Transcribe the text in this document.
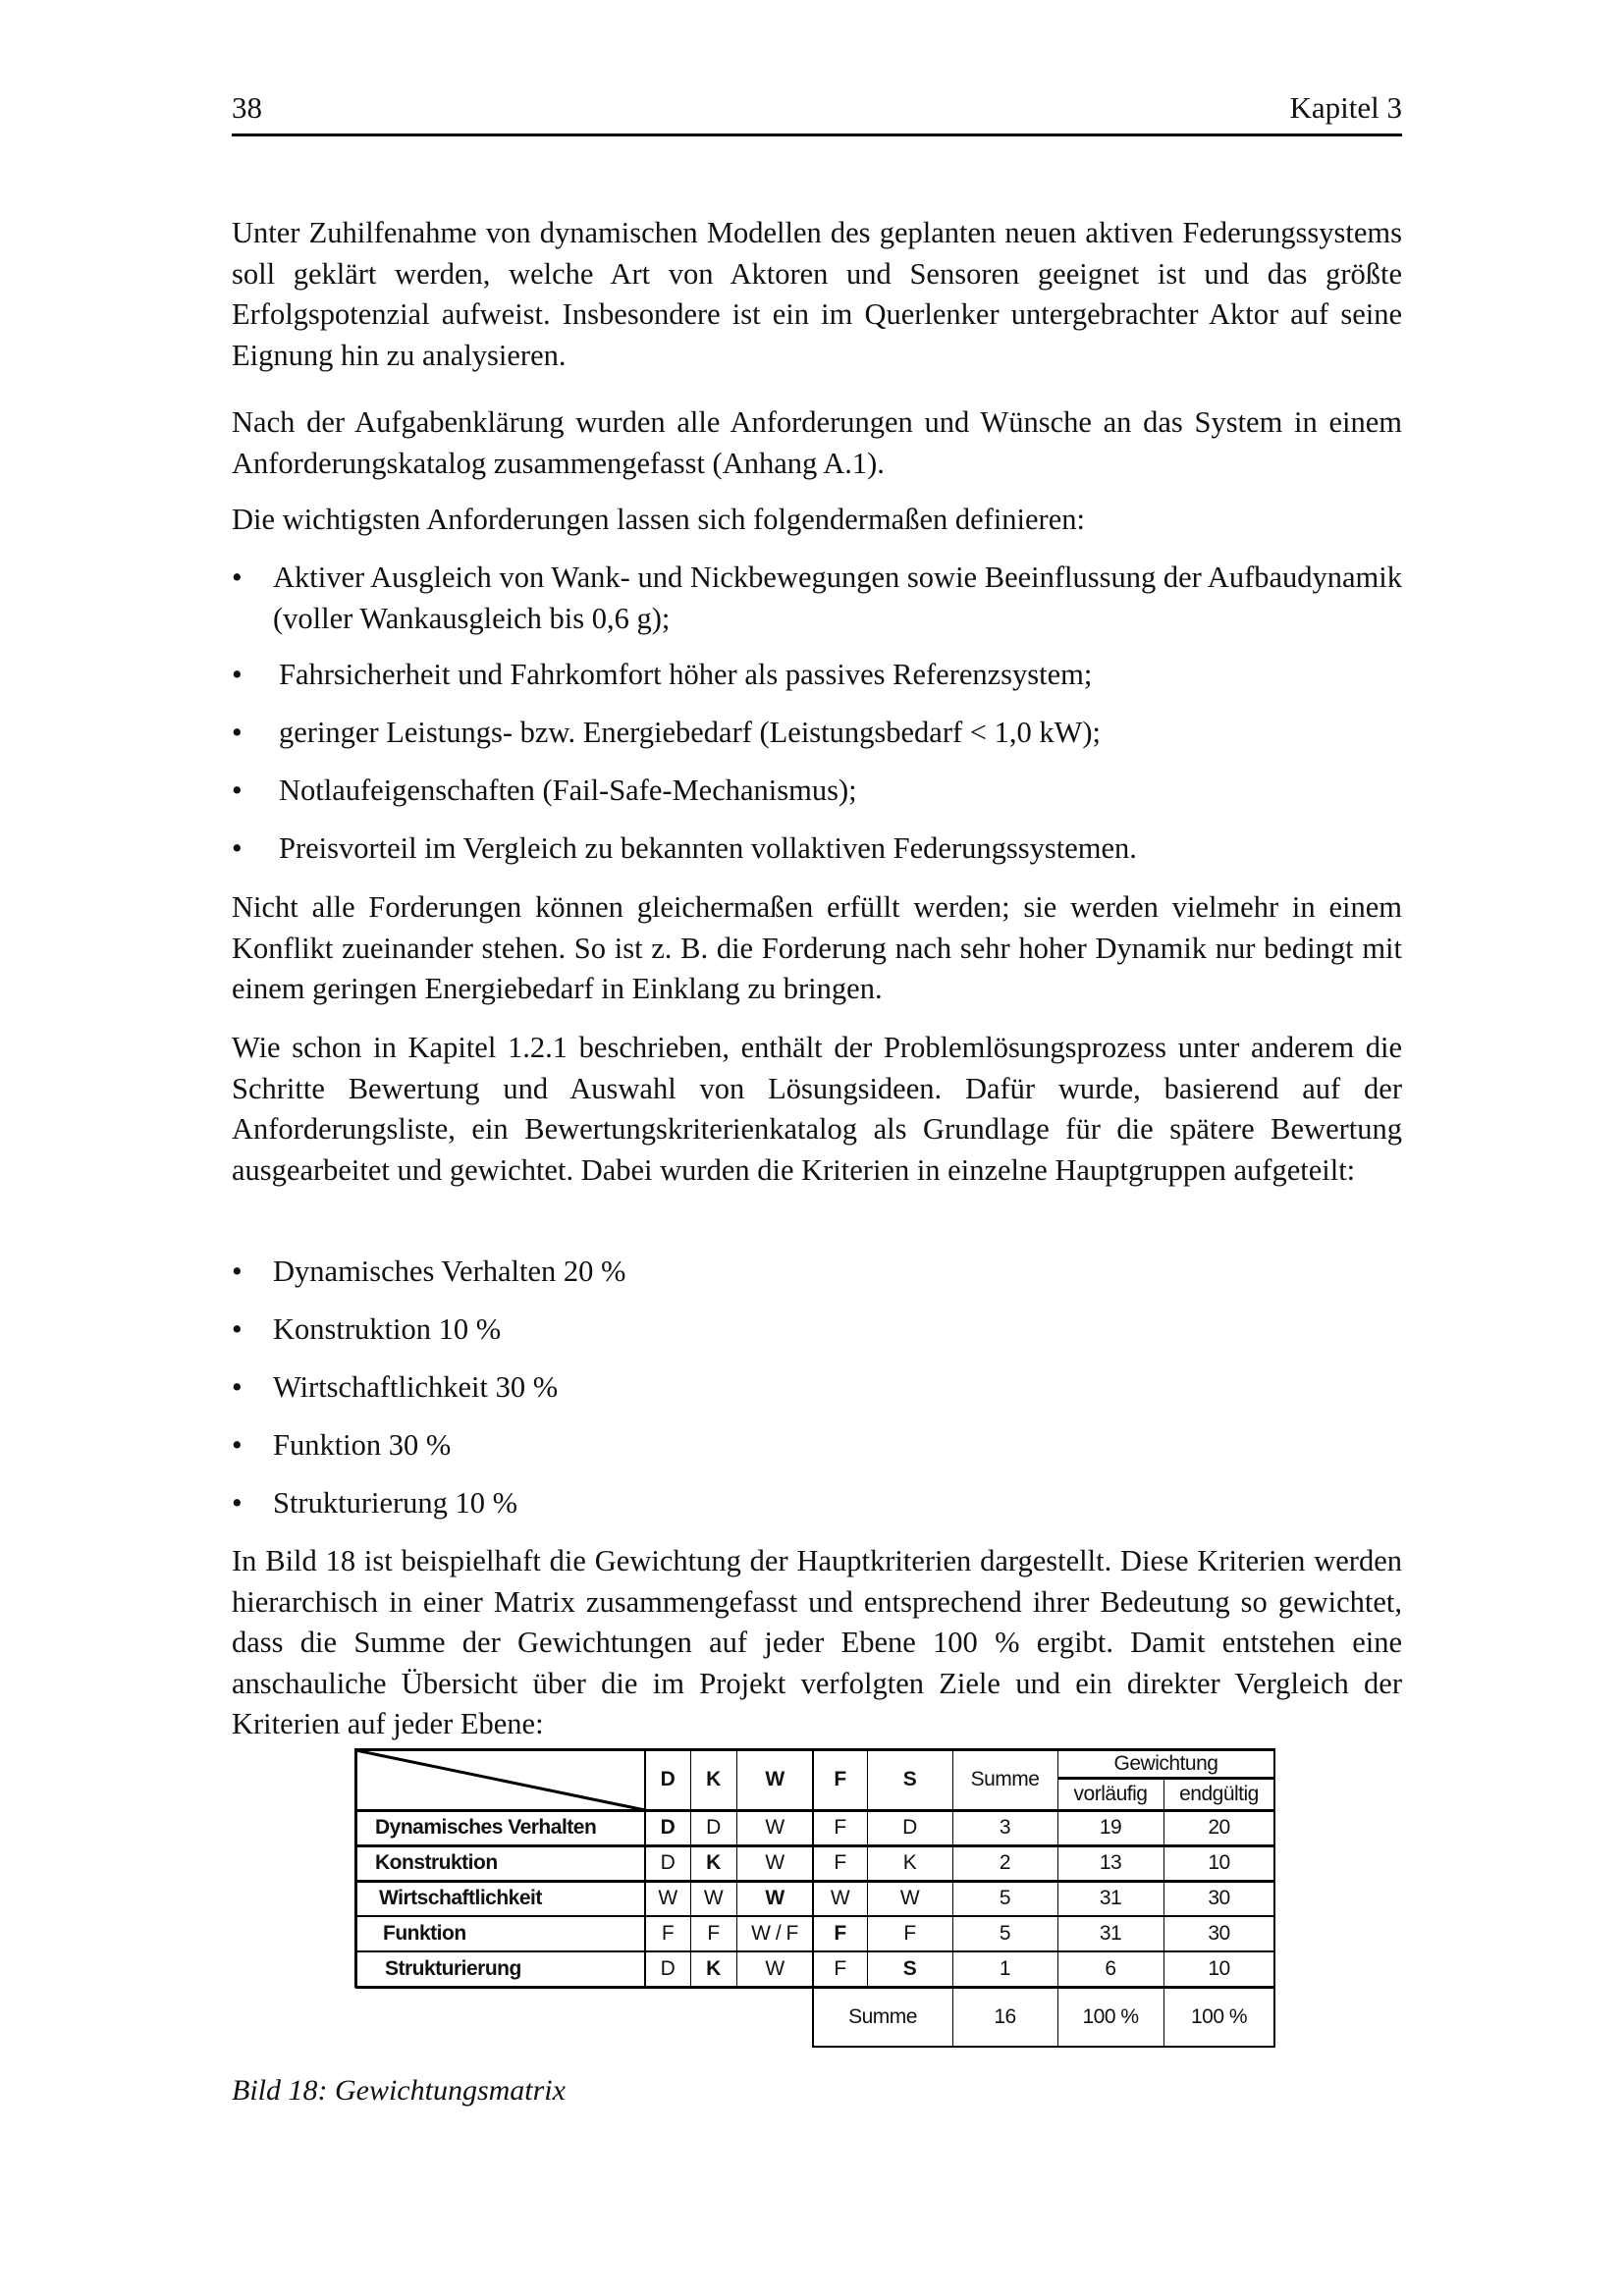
38	Kapitel 3

Unter Zuhilfenahme von dynamischen Modellen des geplanten neuen aktiven Federungssystems soll geklärt werden, welche Art von Aktoren und Sensoren geeignet ist und das größte Erfolgspotenzial aufweist. Insbesondere ist ein im Querlenker untergebrachter Aktor auf seine Eignung hin zu analysieren.

Nach der Aufgabenklärung wurden alle Anforderungen und Wünsche an das System in einem Anforderungskatalog zusammengefasst (Anhang A.1).

Die wichtigsten Anforderungen lassen sich folgendermaßen definieren:

•	Aktiver Ausgleich von Wank- und Nickbewegungen sowie Beeinflussung der Aufbaudynamik (voller Wankausgleich bis 0,6 g);
•	Fahrsicherheit und Fahrkomfort höher als passives Referenzsystem;
•	geringer Leistungs- bzw. Energiebedarf (Leistungsbedarf < 1,0 kW);
•	Notlaufeigenschaften (Fail-Safe-Mechanismus);
•	Preisvorteil im Vergleich zu bekannten vollaktiven Federungssystemen.

Nicht alle Forderungen können gleichermaßen erfüllt werden; sie werden vielmehr in einem Konflikt zueinander stehen. So ist z. B. die Forderung nach sehr hoher Dynamik nur bedingt mit einem geringen Energiebedarf in Einklang zu bringen.

Wie schon in Kapitel 1.2.1 beschrieben, enthält der Problemlösungsprozess unter anderem die Schritte Bewertung und Auswahl von Lösungsideen. Dafür wurde, basierend auf der Anforderungsliste, ein Bewertungskriterienkatalog als Grundlage für die spätere Bewertung ausgearbeitet und gewichtet. Dabei wurden die Kriterien in einzelne Hauptgruppen aufgeteilt:

•	Dynamisches Verhalten 20 %
•	Konstruktion 10 %
•	Wirtschaftlichkeit 30 %
•	Funktion 30 %
•	Strukturierung 10 %

In Bild 18 ist beispielhaft die Gewichtung der Hauptkriterien dargestellt. Diese Kriterien werden hierarchisch in einer Matrix zusammengefasst und entsprechend ihrer Bedeutung so gewichtet, dass die Summe der Gewichtungen auf jeder Ebene 100 % ergibt. Damit entstehen eine anschauliche Übersicht über die im Projekt verfolgten Ziele und ein direkter Vergleich der Kriterien auf jeder Ebene:

D	K	W	F	S	Summe
Gewichtung
vorläufig	endgültig
Dynamisches Verhalten	D	D	W	F	D	3	19	20
Konstruktion	D	K	W	F	K	2	13	10
Wirtschaftlichkeit	W	W	W	W	W	5	31	30
Funktion	F	F	W / F	F	F	5	31	30
Strukturierung	D	K	W	F	S	1	6	10
Summe	16	100 %	100 %
Bild 18: Gewichtungsmatrix
